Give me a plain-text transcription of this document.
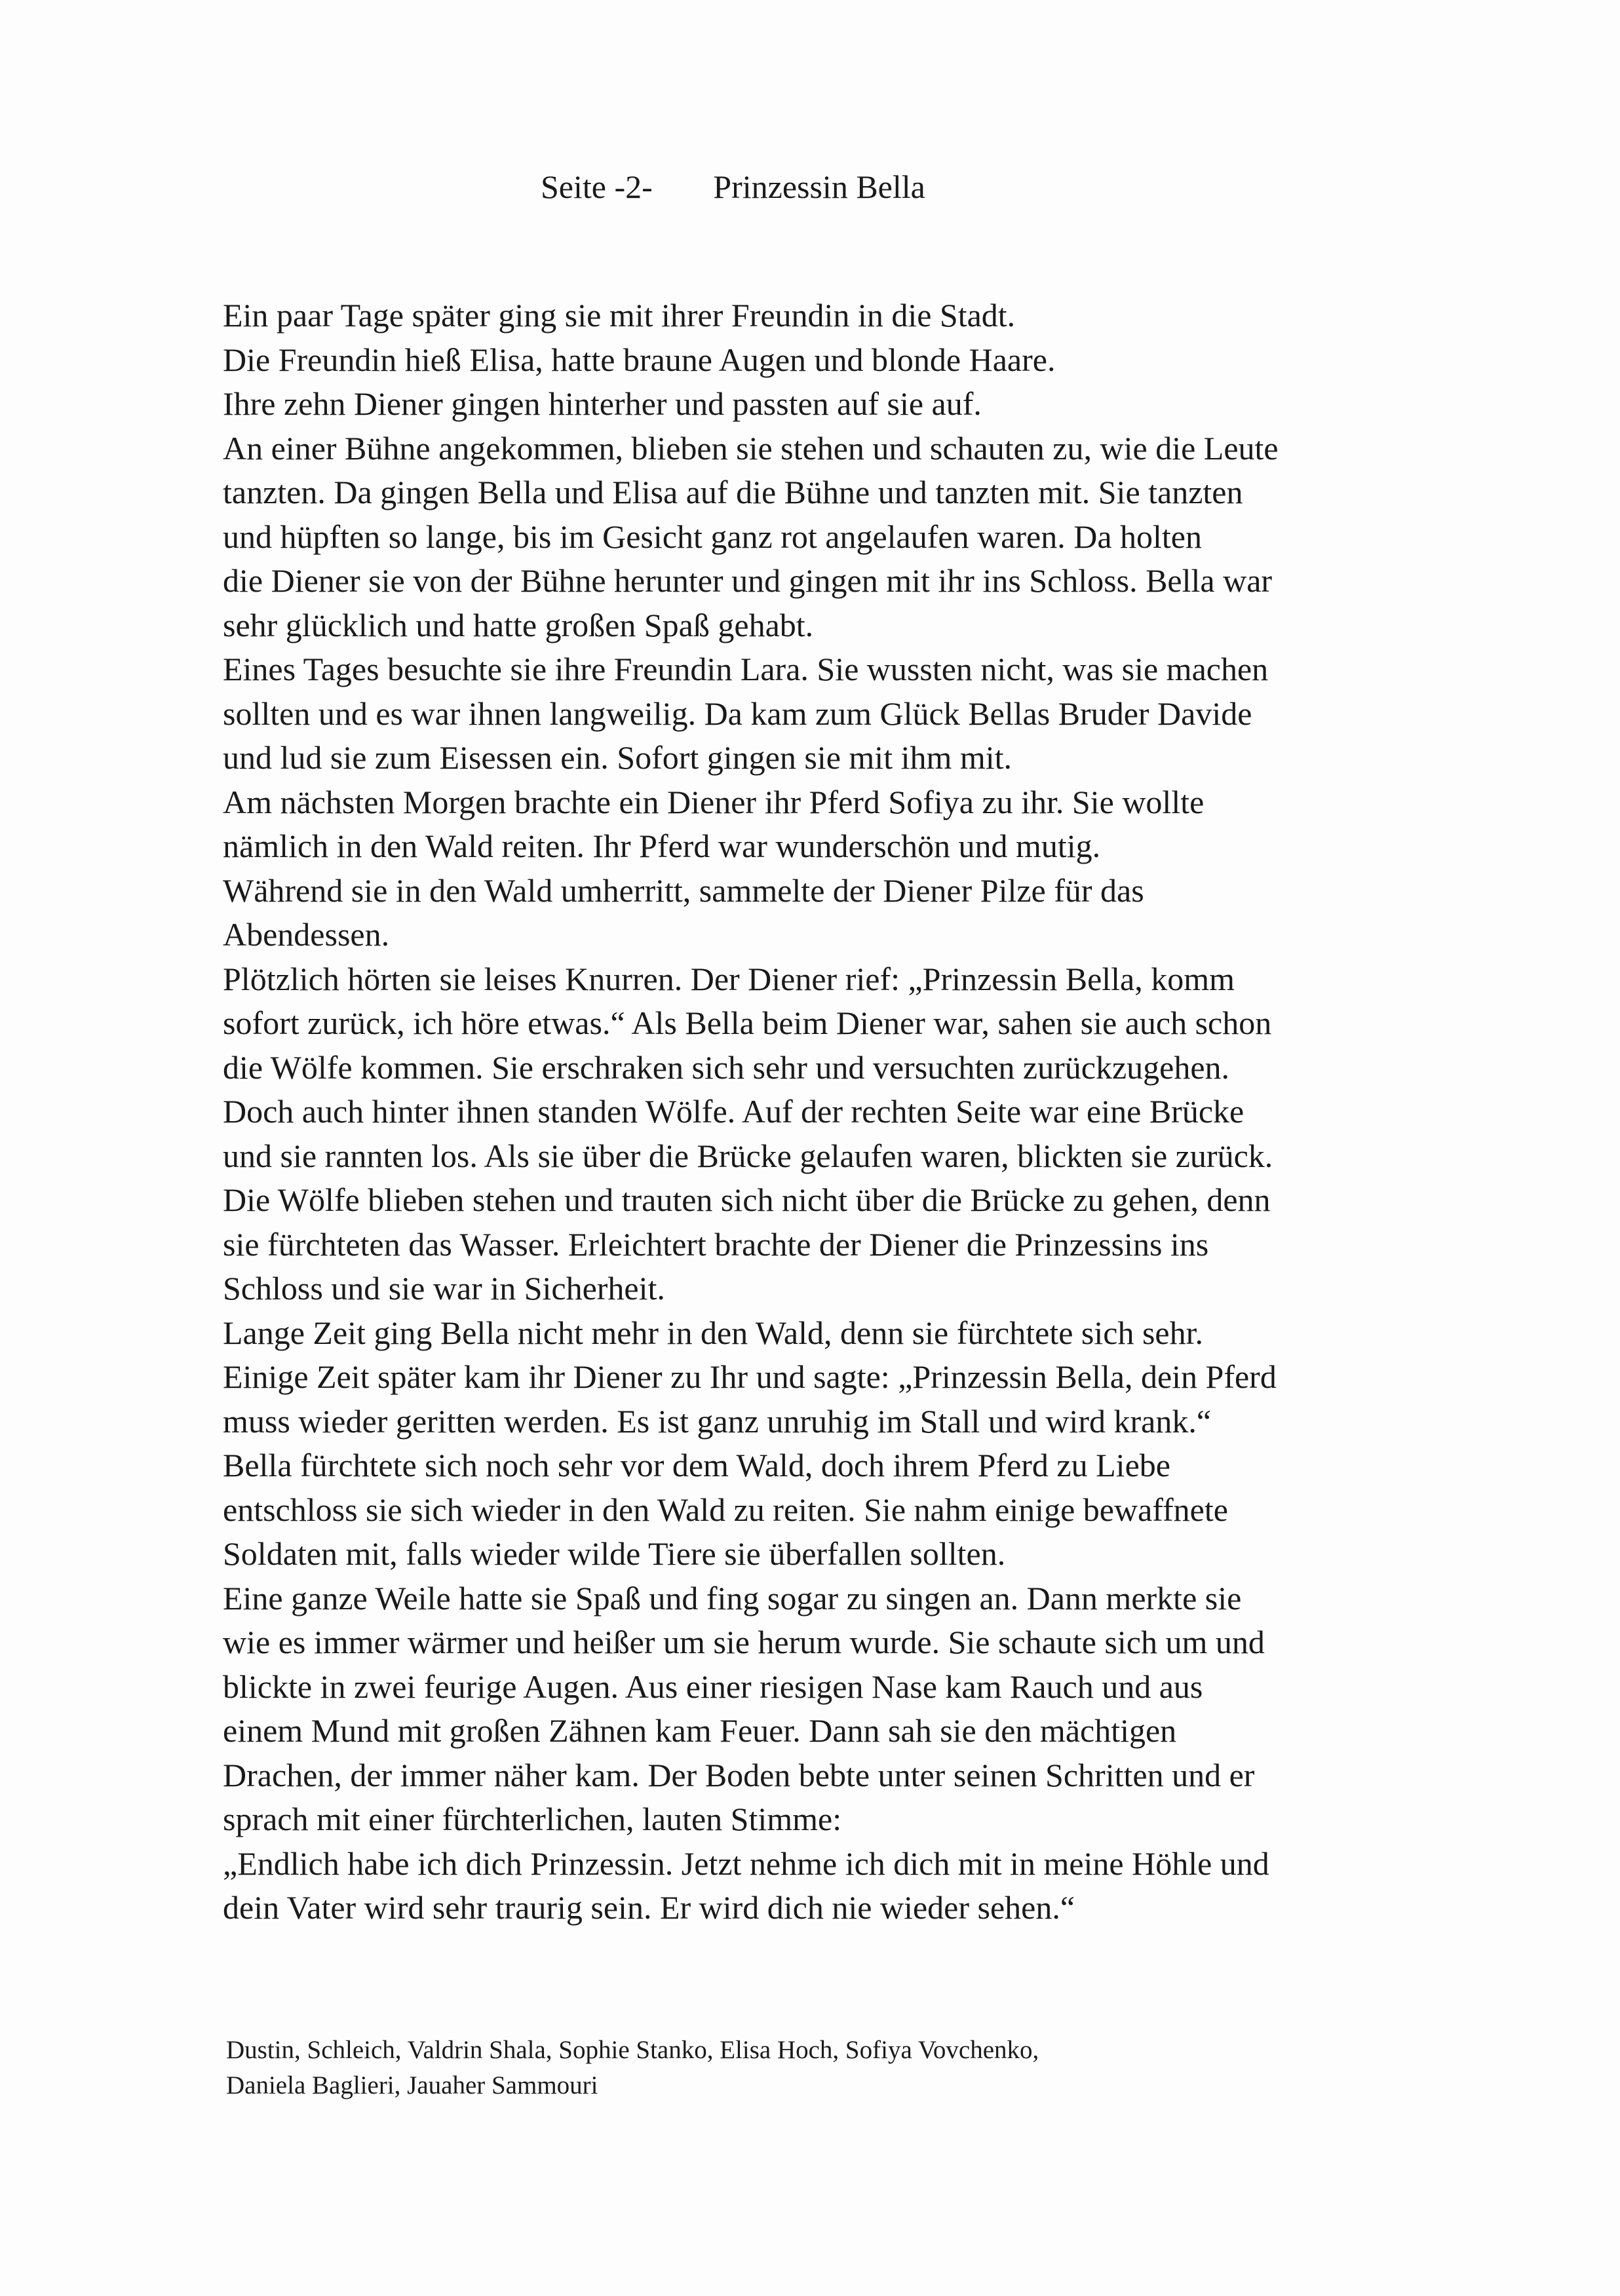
Seite -2- Prinzessin Bella
Ein paar Tage später ging sie mit ihrer Freundin in die Stadt.
Die Freundin hieß Elisa, hatte braune Augen und blonde Haare.
Ihre zehn Diener gingen hinterher und passten auf sie auf.
An einer Bühne angekommen, blieben sie stehen und schauten zu, wie die Leute
tanzten. Da gingen Bella und Elisa auf die Bühne und tanzten mit. Sie tanzten
und hüpften so lange, bis im Gesicht ganz rot angelaufen waren. Da holten
die Diener sie von der Bühne herunter und gingen mit ihr ins Schloss. Bella war
sehr glücklich und hatte großen Spaß gehabt.
Eines Tages besuchte sie ihre Freundin Lara. Sie wussten nicht, was sie machen
sollten und es war ihnen langweilig. Da kam zum Glück Bellas Bruder Davide
und lud sie zum Eisessen ein. Sofort gingen sie mit ihm mit.
Am nächsten Morgen brachte ein Diener ihr Pferd Sofiya zu ihr. Sie wollte
nämlich in den Wald reiten. Ihr Pferd war wunderschön und mutig.
Während sie in den Wald umherritt, sammelte der Diener Pilze für das
Abendessen.
Plötzlich hörten sie leises Knurren. Der Diener rief: „Prinzessin Bella, komm
sofort zurück, ich höre etwas.“ Als Bella beim Diener war, sahen sie auch schon
die Wölfe kommen. Sie erschraken sich sehr und versuchten zurückzugehen.
Doch auch hinter ihnen standen Wölfe. Auf der rechten Seite war eine Brücke
und sie rannten los. Als sie über die Brücke gelaufen waren, blickten sie zurück.
Die Wölfe blieben stehen und trauten sich nicht über die Brücke zu gehen, denn
sie fürchteten das Wasser. Erleichtert brachte der Diener die Prinzessins ins
Schloss und sie war in Sicherheit.
Lange Zeit ging Bella nicht mehr in den Wald, denn sie fürchtete sich sehr.
Einige Zeit später kam ihr Diener zu Ihr und sagte: „Prinzessin Bella, dein Pferd
muss wieder geritten werden. Es ist ganz unruhig im Stall und wird krank.“
Bella fürchtete sich noch sehr vor dem Wald, doch ihrem Pferd zu Liebe
entschloss sie sich wieder in den Wald zu reiten. Sie nahm einige bewaffnete
Soldaten mit, falls wieder wilde Tiere sie überfallen sollten.
Eine ganze Weile hatte sie Spaß und fing sogar zu singen an. Dann merkte sie
wie es immer wärmer und heißer um sie herum wurde. Sie schaute sich um und
blickte in zwei feurige Augen. Aus einer riesigen Nase kam Rauch und aus
einem Mund mit großen Zähnen kam Feuer. Dann sah sie den mächtigen
Drachen, der immer näher kam. Der Boden bebte unter seinen Schritten und er
sprach mit einer fürchterlichen, lauten Stimme:
„Endlich habe ich dich Prinzessin. Jetzt nehme ich dich mit in meine Höhle und
dein Vater wird sehr traurig sein. Er wird dich nie wieder sehen.“
Dustin, Schleich, Valdrin Shala, Sophie Stanko, Elisa Hoch, Sofiya Vovchenko,
Daniela Baglieri, Jauaher Sammouri
